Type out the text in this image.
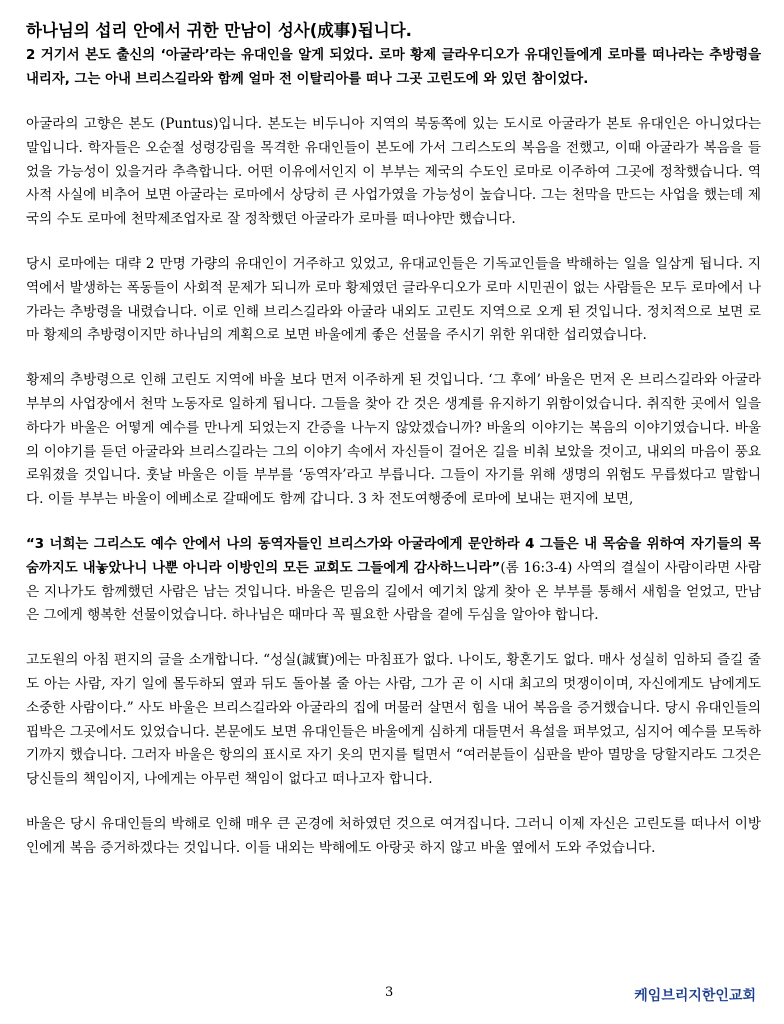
하나님의 섭리 안에서 귀한 만남이 성사(成事)됩니다.

2 거기서 본도 출신의 ‘아굴라’라는 유대인을 알게 되었다. 로마 황제 글라우디오가 유대인들에게 로마를 떠나라는 추방령을 내리자, 그는 아내 브리스길라와 함께 얼마 전 이탈리아를 떠나 그곳 고린도에 와 있던 참이었다.

아굴라의 고향은 본도 (Puntus)입니다. 본도는 비두니아 지역의 북동쪽에 있는 도시로 아굴라가 본토 유대인은 아니었다는 말입니다. 학자들은 오순절 성령강림을 목격한 유대인들이 본도에 가서 그리스도의 복음을 전했고, 이때 아굴라가 복음을 들었을 가능성이 있을거라 추측합니다. 어떤 이유에서인지 이 부부는 제국의 수도인 로마로 이주하여 그곳에 정착했습니다. 역사적 사실에 비추어 보면 아굴라는 로마에서 상당히 큰 사업가였을 가능성이 높습니다. 그는 천막을 만드는 사업을 했는데 제국의 수도 로마에 천막제조업자로 잘 정착했던 아굴라가 로마를 떠나야만 했습니다.

당시 로마에는 대략 2 만명 가량의 유대인이 거주하고 있었고, 유대교인들은 기독교인들을 박해하는 일을 일삼게 됩니다. 지역에서 발생하는 폭동들이 사회적 문제가 되니까 로마 황제였던 글라우디오가 로마 시민권이 없는 사람들은 모두 로마에서 나가라는 추방령을 내렸습니다. 이로 인해 브리스길라와 아굴라 내외도 고린도 지역으로 오게 된 것입니다. 정치적으로 보면 로마 황제의 추방령이지만 하나님의 계획으로 보면 바울에게 좋은 선물을 주시기 위한 위대한 섭리였습니다.

황제의 추방령으로 인해 고린도 지역에 바울 보다 먼저 이주하게 된 것입니다. ‘그 후에’ 바울은 먼저 온 브리스길라와 아굴라 부부의 사업장에서 천막 노동자로 일하게 됩니다. 그들을 찾아 간 것은 생계를 유지하기 위함이었습니다. 취직한 곳에서 일을 하다가 바울은 어떻게 예수를 만나게 되었는지 간증을 나누지 않았겠습니까? 바울의 이야기는 복음의 이야기였습니다. 바울의 이야기를 듣던 아굴라와 브리스길라는 그의 이야기 속에서 자신들이 걸어온 길을 비춰 보았을 것이고, 내외의 마음이 풍요로워졌을 것입니다. 훗날 바울은 이들 부부를 ‘동역자’라고 부릅니다. 그들이 자기를 위해 생명의 위험도 무릅썼다고 말합니다. 이들 부부는 바울이 에베소로 갈때에도 함께 갑니다. 3 차 전도여행중에 로마에 보내는 편지에 보면,

“3 너희는 그리스도 예수 안에서 나의 동역자들인 브리스가와 아굴라에게 문안하라 4 그들은 내 목숨을 위하여 자기들의 목숨까지도 내놓았나니 나뿐 아니라 이방인의 모든 교회도 그들에게 감사하느니라”(롬 16:3-4) 사역의 결실이 사람이라면 사람은 지나가도 함께했던 사람은 남는 것입니다. 바울은 믿음의 길에서 예기치 않게 찾아 온 부부를 통해서 새힘을 얻었고, 만남은 그에게 행복한 선물이었습니다. 하나님은 때마다 꼭 필요한 사람을 곁에 두심을 알아야 합니다.

고도원의 아침 편지의 글을 소개합니다. “성실(誠實)에는 마침표가 없다. 나이도, 황혼기도 없다. 매사 성실히 임하되 즐길 줄도 아는 사람, 자기 일에 몰두하되 옆과 뒤도 돌아볼 줄 아는 사람, 그가 곧 이 시대 최고의 멋쟁이이며, 자신에게도 남에게도 소중한 사람이다.” 사도 바울은 브리스길라와 아굴라의 집에 머물러 살면서 힘을 내어 복음을 증거했습니다. 당시 유대인들의 핍박은 그곳에서도 있었습니다. 본문에도 보면 유대인들은 바울에게 심하게 대들면서 욕설을 퍼부었고, 심지어 예수를 모독하기까지 했습니다. 그러자 바울은 항의의 표시로 자기 옷의 먼지를 털면서 “여러분들이 심판을 받아 멸망을 당할지라도 그것은 당신들의 책임이지, 나에게는 아무런 책임이 없다고 떠나고자 합니다.

바울은 당시 유대인들의 박해로 인해 매우 큰 곤경에 처하였던 것으로 여겨집니다. 그러니 이제 자신은 고린도를 떠나서 이방인에게 복음 증거하겠다는 것입니다. 이들 내외는 박해에도 아랑곳 하지 않고 바울 옆에서 도와 주었습니다.

3	케임브리지한인교회
